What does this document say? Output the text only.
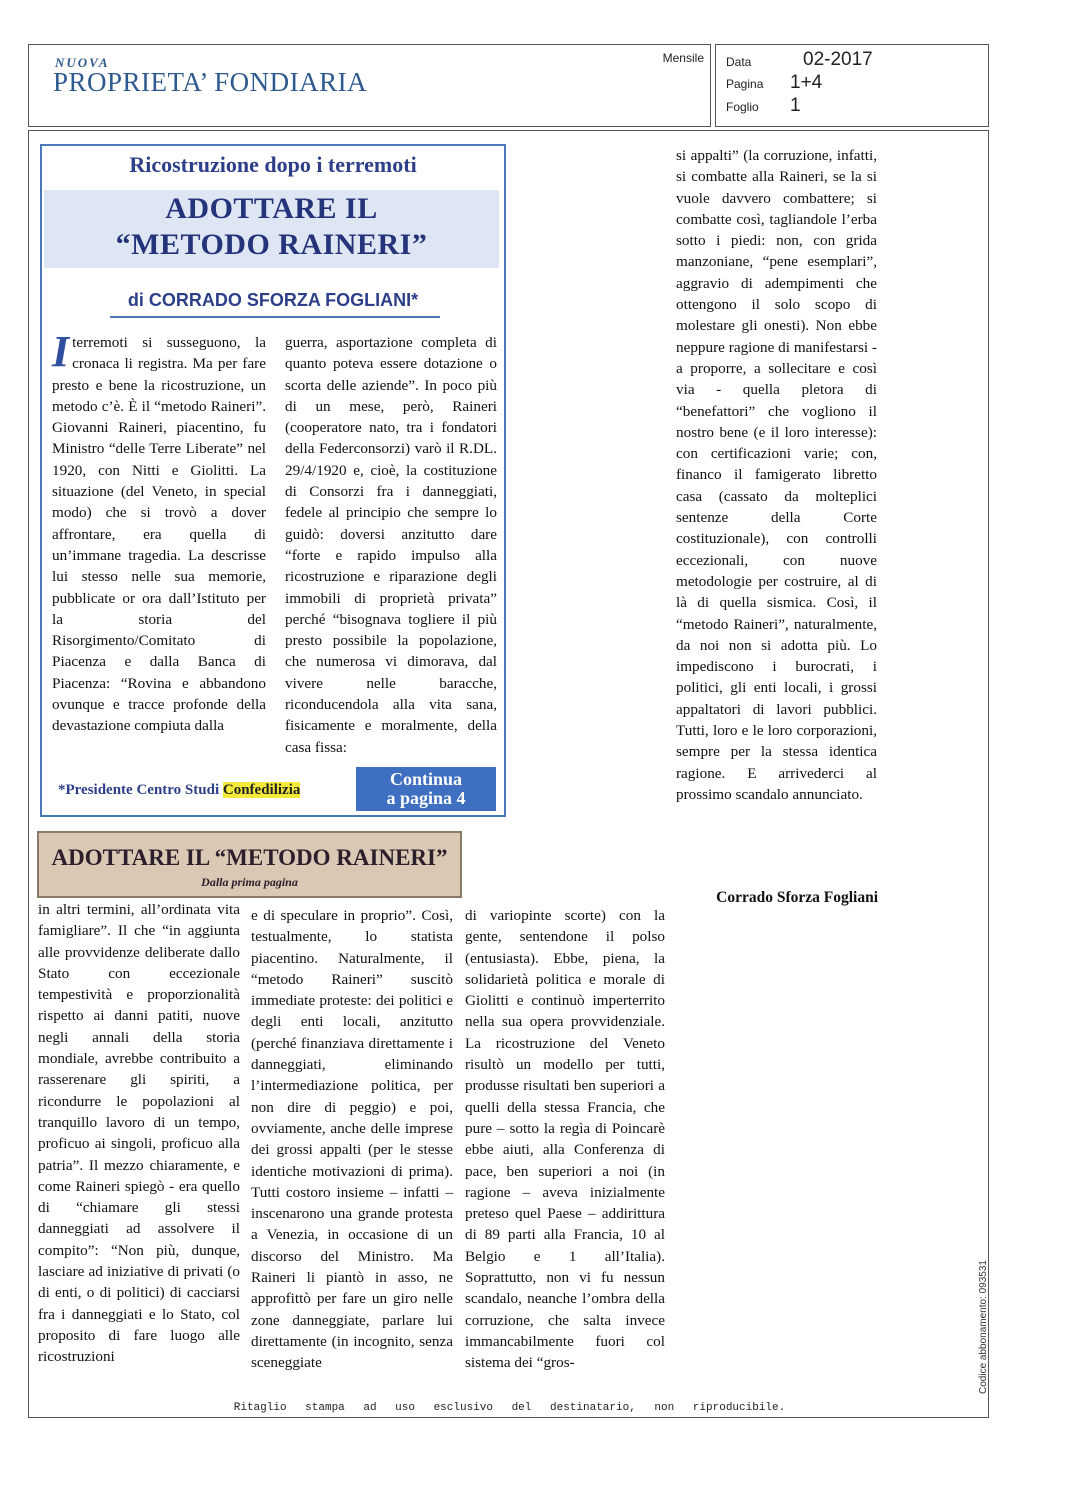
NUOVA
PROPRIETA’ FONDIARIA
Mensile Data	02-2017
Pagina 1+4
Foglio 1
Ritaglio stampa ad uso esclusivo del destinatario, non riproducibile.
Codice abbonamento: 093531
Ricostruzione dopo i terremoti
ADOTTARE IL
“METODO RAINERI”
di CORRADO SFORZA FOGLIANI*
Iterremoti si susseguono, la cronaca li registra. Ma per fare presto e bene la ricostruzione, un metodo c’è. È il “metodo Raineri”. Giovanni Raineri, piacentino, fu Ministro “delle Terre Liberate” nel 1920, con Nitti e Giolitti. La situazione (del Veneto, in special modo) che si trovò a dover affrontare, era quella di un’immane tragedia. La descrisse lui stesso nelle sua memorie, pubblicate or ora dall’Istituto per la storia del Risorgimento/Comitato di Piacenza e dalla Banca di Piacenza: “Rovina e abbandono ovunque e tracce profonde della devastazione compiuta dalla
guerra, asportazione completa di quanto poteva essere dotazione o scorta delle aziende”. In poco più di un mese, però, Raineri (cooperatore nato, tra i fondatori della Federconsorzi) varò il R.DL. 29/4/1920 e, cioè, la costituzione di Consorzi fra i danneggiati, fedele al principio che sempre lo guidò: doversi anzitutto dare “forte e rapido impulso alla ricostruzione e riparazione degli immobili di proprietà privata” perché “bisognava togliere il più presto possibile la popolazione, che numerosa vi dimorava, dal vivere nelle baracche, riconducendola alla vita sana, fisicamente e moralmente, della casa fissa:
*Presidente Centro Studi Confedilizia
Continua
a pagina 4
ADOTTARE IL “METODO RAINERI”
Dalla prima pagina
in altri termini, all’ordinata vita famigliare”. Il che “in aggiunta alle provvidenze deliberate dallo Stato con eccezionale tempestività e proporzionalità rispetto ai danni patiti, nuove negli annali della storia mondiale, avrebbe contribuito a rasserenare gli spiriti, a ricondurre le popolazioni al tranquillo lavoro di un tempo, proficuo ai singoli, proficuo alla patria”. Il mezzo chiaramente, e come Raineri spiegò - era quello di “chiamare gli stessi danneggiati ad assolvere il compito”: “Non più, dunque, lasciare ad iniziative di privati (o di enti, o di politici) di cacciarsi fra i danneggiati e lo Stato, col proposito di fare luogo alle ricostruzioni
e di speculare in proprio”. Così, testualmente, lo statista piacentino. Naturalmente, il “metodo Raineri” suscitò immediate proteste: dei politici e degli enti locali, anzitutto (perché finanziava direttamente i danneggiati, eliminando l’intermediazione politica, per non dire di peggio) e poi, ovviamente, anche delle imprese dei grossi appalti (per le stesse identiche motivazioni di prima). Tutti costoro insieme – infatti – inscenarono una grande protesta a Venezia, in occasione di un discorso del Ministro. Ma Raineri li piantò in asso, ne approfittò per fare un giro nelle zone danneggiate, parlare lui direttamente (in incognito, senza sceneggiate
di variopinte scorte) con la gente, sentendone il polso (entusiasta). Ebbe, piena, la solidarietà politica e morale di Giolitti e continuò imperterrito nella sua opera provvidenziale. La ricostruzione del Veneto risultò un modello per tutti, produsse risultati ben superiori a quelli della stessa Francia, che pure – sotto la regìa di Poincarè ebbe aiuti, alla Conferenza di pace, ben superiori a noi (in ragione – aveva inizialmente preteso quel Paese – addirittura di 89 parti alla Francia, 10 al Belgio e 1 all’Italia). Soprattutto, non vi fu nessun scandalo, neanche l’ombra della corruzione, che salta invece immancabilmente fuori col sistema dei “gros-
si appalti” (la corruzione, infatti, si combatte alla Raineri, se la si vuole davvero combattere; si combatte così, tagliandole l’erba sotto i piedi: non, con grida manzoniane, “pene esemplari”, aggravio di adempimenti che ottengono il solo scopo di molestare gli onesti). Non ebbe neppure ragione di manifestarsi - a proporre, a sollecitare e così via - quella pletora di “benefattori” che vogliono il nostro bene (e il loro interesse): con certificazioni varie; con, financo il famigerato libretto casa (cassato da molteplici sentenze della Corte costituzionale), con controlli eccezionali, con nuove metodologie per costruire, al di là di quella sismica. Così, il “metodo Raineri”, naturalmente, da noi non si adotta più. Lo impediscono i burocrati, i politici, gli enti locali, i grossi appaltatori di lavori pubblici. Tutti, loro e le loro corporazioni, sempre per la stessa identica ragione. E arrivederci al prossimo scandalo annunciato.
Corrado Sforza Fogliani
